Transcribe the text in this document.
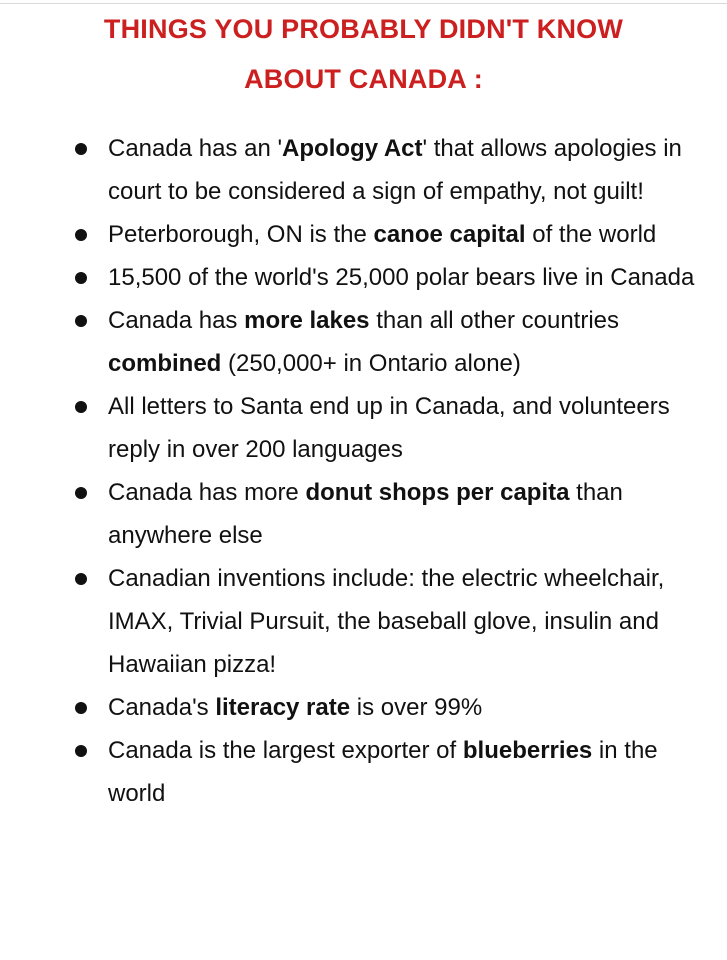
THINGS YOU PROBABLY DIDN'T KNOW
ABOUT CANADA :
Canada has an 'Apology Act' that allows apologies in court to be considered a sign of empathy, not guilt!
Peterborough, ON is the canoe capital of the world
15,500 of the world's 25,000 polar bears live in Canada
Canada has more lakes than all other countries combined (250,000+ in Ontario alone)
All letters to Santa end up in Canada, and volunteers reply in over 200 languages
Canada has more donut shops per capita than anywhere else
Canadian inventions include: the electric wheelchair, IMAX, Trivial Pursuit, the baseball glove, insulin and Hawaiian pizza!
Canada's literacy rate is over 99%
Canada is the largest exporter of blueberries in the world
